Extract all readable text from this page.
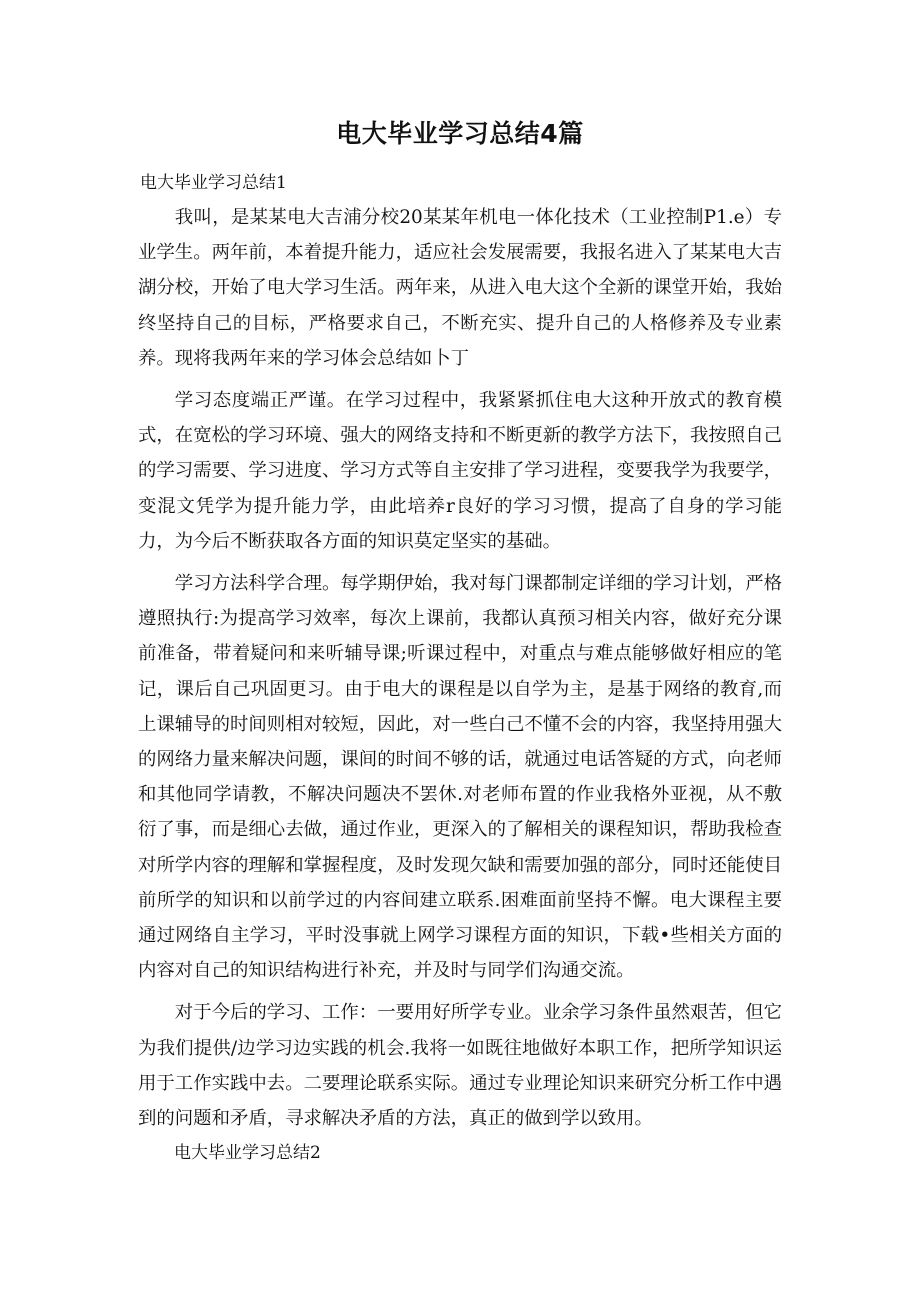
电大毕业学习总结4篇

电大毕业学习总结1

我叫，是某某电大吉浦分校20某某年机电一体化技术（工业控制P1.e）专业学生。两年前，本着提升能力，适应社会发展需要，我报名进入了某某电大吉湖分校，开始了电大学习生活。两年来，从进入电大这个全新的课堂开始，我始终坚持自己的目标，严格要求自己，不断充实、提升自己的人格修养及专业素养。现将我两年来的学习体会总结如卜丁

学习态度端正严谨。在学习过程中，我紧紧抓住电大这种开放式的教育模式，在宽松的学习环境、强大的网络支持和不断更新的教学方法下，我按照自己的学习需要、学习进度、学习方式等自主安排了学习进程，变要我学为我要学，变混文凭学为提升能力学，由此培养r良好的学习习惯，提高了自身的学习能力，为今后不断获取各方面的知识莫定坚实的基础。

学习方法科学合理。每学期伊始，我对每门课都制定详细的学习计划，严格遵照执行:为提高学习效率，每次上课前，我都认真预习相关内容，做好充分课前准备，带着疑问和来听辅导课;听课过程中，对重点与难点能够做好相应的笔记，课后自己巩固更习。由于电大的课程是以自学为主，是基于网络的教育,而上课辅导的时间则相对较短，因此，对一些白己不懂不会的内容，我坚持用强大的网络力量来解决问题，课间的时间不够的话，就通过电话答疑的方式，向老师和其他同学请教，不解决问题决不罢休.对老师布置的作业我格外亚视，从不敷衍了事，而是细心去做，通过作业，更深入的了解相关的课程知识，帮助我检查对所学内容的理解和掌握程度，及时发现欠缺和需要加强的部分，同时还能使目前所学的知识和以前学过的内容间建立联系.困难面前坚持不懈。电大课程主要通过网络自主学习，平时没事就上网学习课程方面的知识，下载•些相关方面的内容对自己的知识结构进行补充，并及时与同学们沟通交流。

对于今后的学习、工作：一要用好所学专业。业余学习条件虽然艰苦，但它为我们提供/边学习边实践的机会.我将一如既往地做好本职工作，把所学知识运用于工作实践中去。二要理论联系实际。通过专业理论知识来研究分析工作中遇到的问题和矛盾，寻求解决矛盾的方法，真正的做到学以致用。

电大毕业学习总结2
